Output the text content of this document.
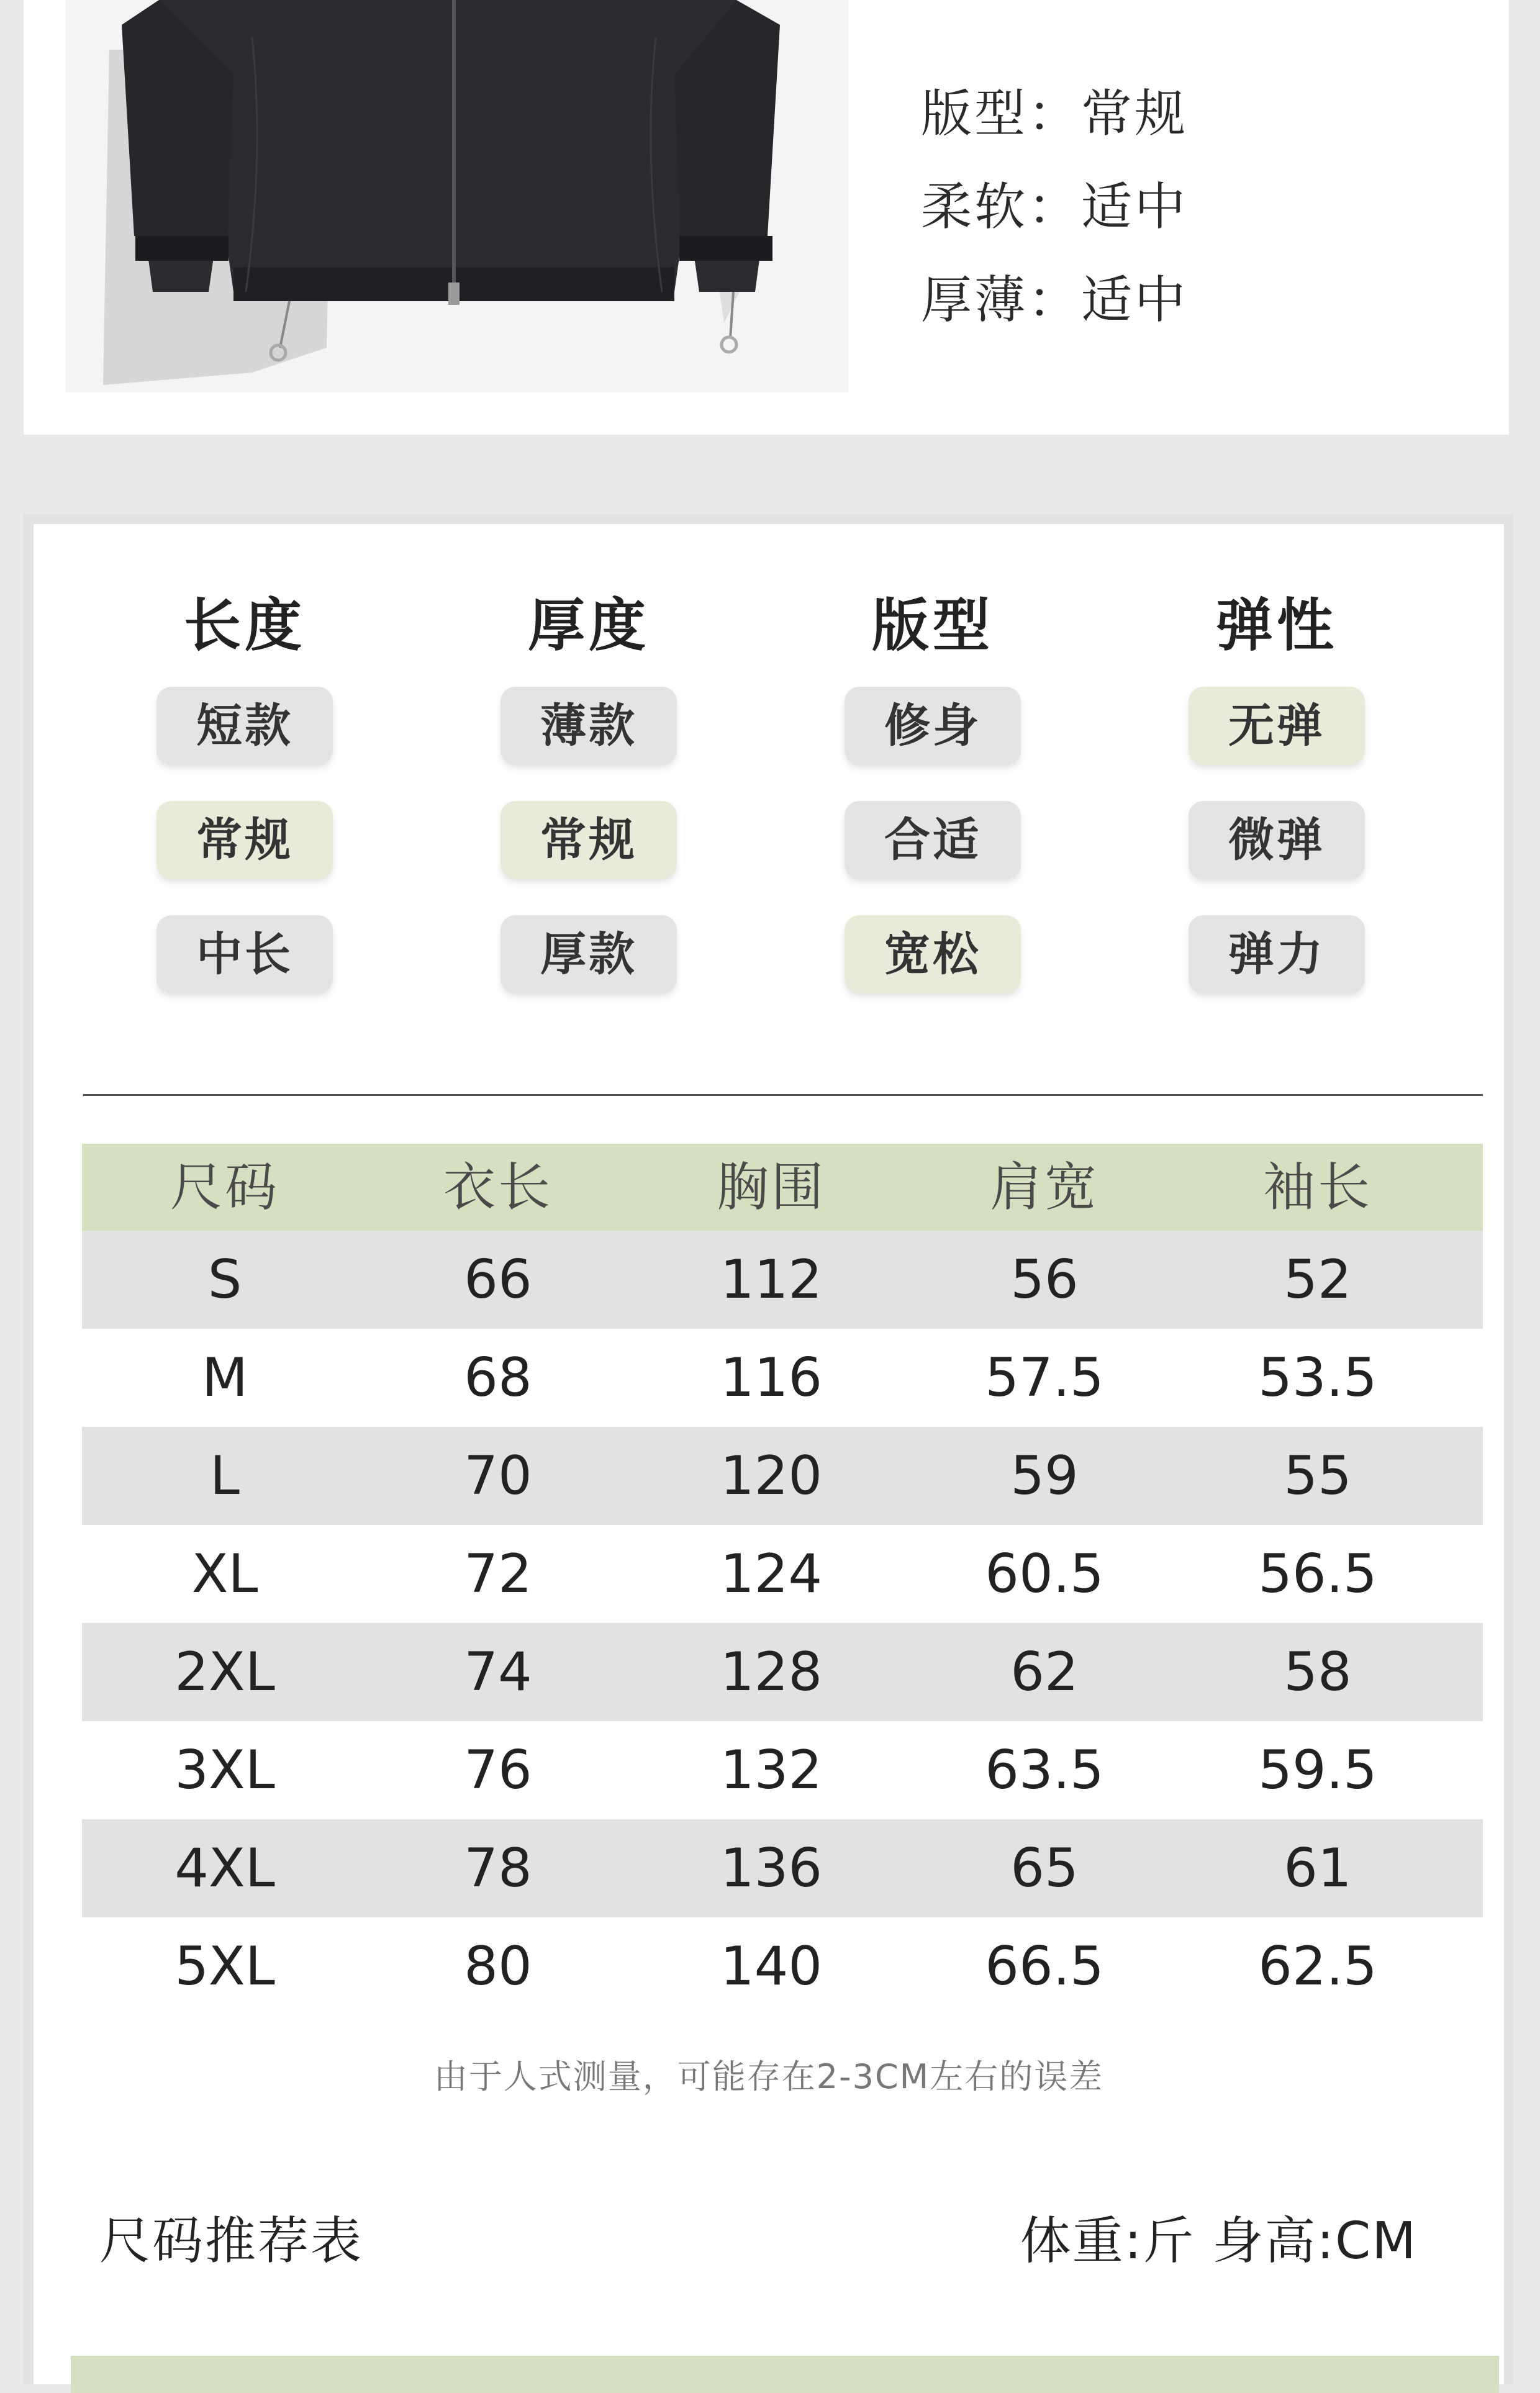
版型：常规
柔软：适中
厚薄：适中
长度
短款
常规
中长
厚度
薄款
常规
厚款
版型
修身
合适
宽松
弹性
无弹
微弹
弹力
尺码	衣长	胸围	肩宽	袖长
S	66	112	56	52
M	68	116	57.5	53.5
L	70	120	59	55
XL	72	124	60.5	56.5
2XL	74	128	62	58
3XL	76	132	63.5	59.5
4XL	78	136	65	61
5XL	80	140	66.5	62.5
由于人式测量，可能存在2-3CM左右的误差
尺码推荐表	体重:斤 身高:CM
